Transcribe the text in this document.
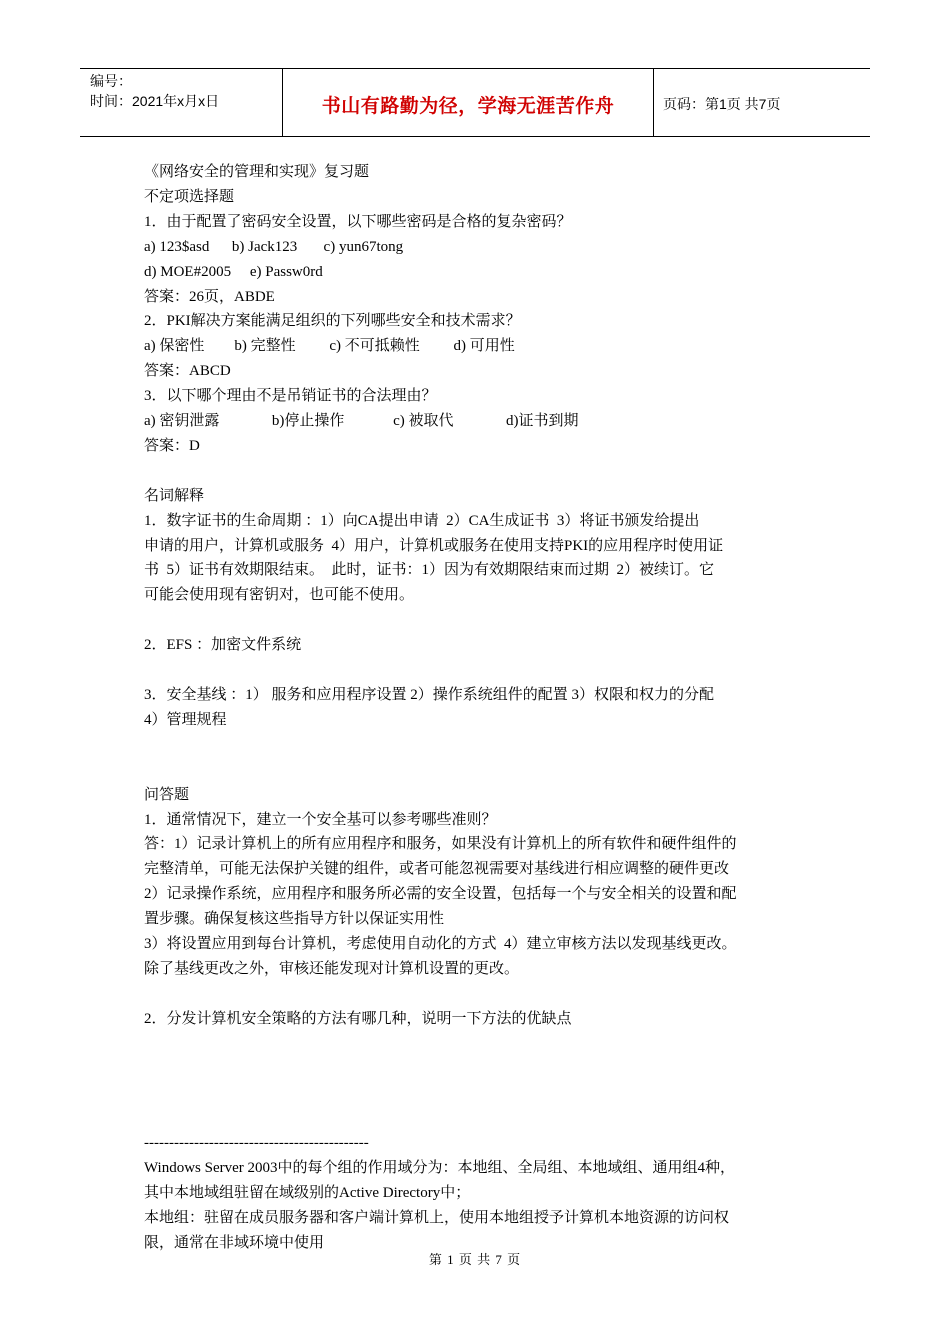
编号：
时间：2021年x月x日	书山有路勤为径，学海无涯苦作舟	页码：第1页 共7页

《网络安全的管理和实现》复习题

不定项选择题

1．由于配置了密码安全设置，以下哪些密码是合格的复杂密码？

a) 123$asd      b) Jack123       c) yun67tong

d) MOE#2005     e) Passw0rd

答案：26页，ABDE

2．PKI解决方案能满足组织的下列哪些安全和技术需求？

a) 保密性        b) 完整性         c) 不可抵赖性         d) 可用性

答案：ABCD

3．以下哪个理由不是吊销证书的合法理由？

a) 密钥泄露              b)停止操作             c) 被取代              d)证书到期

答案：D

名词解释

1．数字证书的生命周期 ：1）向CA提出申请  2）CA生成证书  3）将证书颁发给提出

申请的用户，计算机或服务  4）用户，计算机或服务在使用支持PKI的应用程序时使用证

书  5）证书有效期限结束。  此时，证书：1）因为有效期限结束而过期  2）被续订。它

可能会使用现有密钥对，也可能不使用。

2．EFS ：加密文件系统

3．安全基线 ：1） 服务和应用程序设置 2）操作系统组件的配置 3）权限和权力的分配

4）管理规程

问答题

1．通常情况下，建立一个安全基可以参考哪些准则？

答：1）记录计算机上的所有应用程序和服务，如果没有计算机上的所有软件和硬件组件的

完整清单，可能无法保护关键的组件，或者可能忽视需要对基线进行相应调整的硬件更改

2）记录操作系统，应用程序和服务所必需的安全设置，包括每一个与安全相关的设置和配

置步骤。确保复核这些指导方针以保证实用性

3）将设置应用到每台计算机，考虑使用自动化的方式  4）建立审核方法以发现基线更改。

除了基线更改之外，审核还能发现对计算机设置的更改。

2．分发计算机安全策略的方法有哪几种，说明一下方法的优缺点

---------------------------------------------

Windows Server 2003中的每个组的作用域分为：本地组、全局组、本地域组、通用组4种，

其中本地域组驻留在域级别的Active Directory中；

本地组：驻留在成员服务器和客户端计算机上，使用本地组授予计算机本地资源的访问权

限，通常在非域环境中使用

第 1 页 共 7 页
